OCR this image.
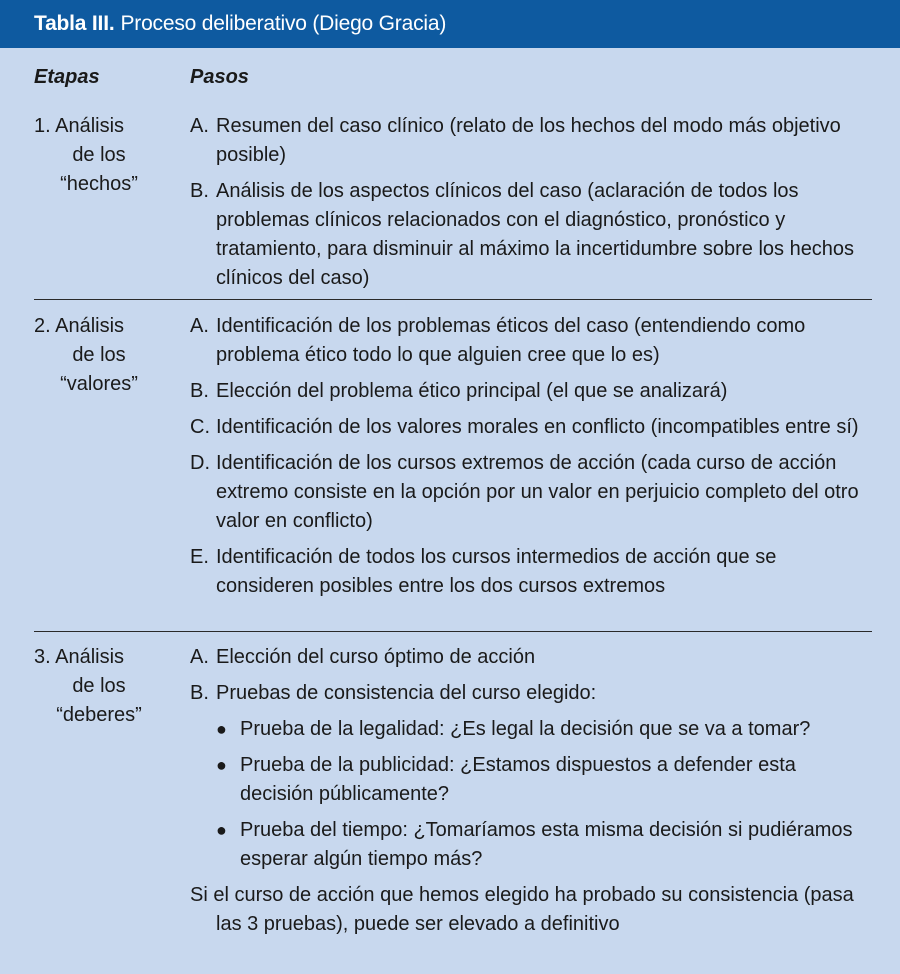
Tabla III. Proceso deliberativo (Diego Gracia)
Etapas	Pasos
1. Análisis
de los
“hechos”
A. Resumen del caso clínico (relato de los hechos del modo más objetivo posible)
B. Análisis de los aspectos clínicos del caso (aclaración de todos los problemas clínicos relacionados con el diagnóstico, pronóstico y tratamiento, para disminuir al máximo la incertidumbre sobre los hechos clínicos del caso)
2. Análisis
de los
“valores”
A. Identificación de los problemas éticos del caso (entendiendo como problema ético todo lo que alguien cree que lo es)
B. Elección del problema ético principal (el que se analizará)
C. Identificación de los valores morales en conflicto (incompatibles entre sí)
D. Identificación de los cursos extremos de acción (cada curso de acción extremo consiste en la opción por un valor en perjuicio completo del otro valor en conflicto)
E. Identificación de todos los cursos intermedios de acción que se consideren posibles entre los dos cursos extremos
3. Análisis
de los
“deberes”
A. Elección del curso óptimo de acción
B. Pruebas de consistencia del curso elegido:
● Prueba de la legalidad: ¿Es legal la decisión que se va a tomar?
● Prueba de la publicidad: ¿Estamos dispuestos a defender esta decisión públicamente?
● Prueba del tiempo: ¿Tomaríamos esta misma decisión si pudiéramos esperar algún tiempo más?
Si el curso de acción que hemos elegido ha probado su consistencia (pasa las 3 pruebas), puede ser elevado a definitivo
